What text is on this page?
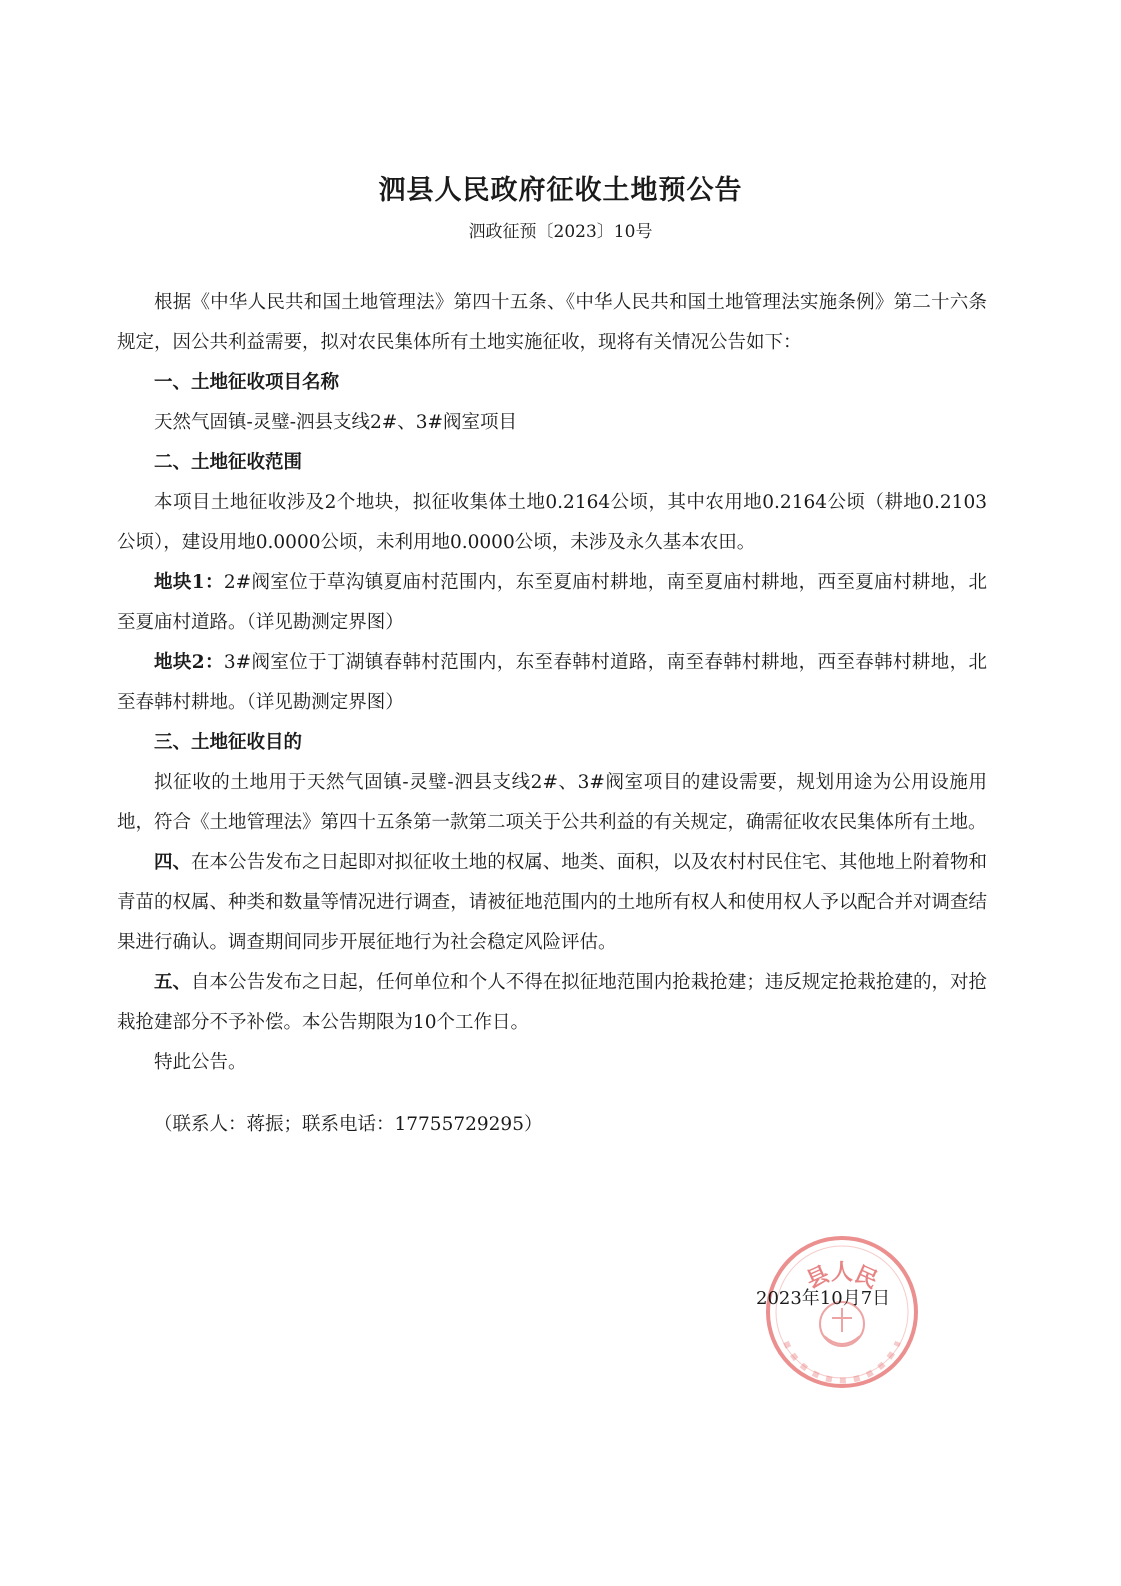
泗县人民政府征收土地预公告
泗政征预〔2023〕10号

根据《中华人民共和国土地管理法》第四十五条、《中华人民共和国土地管理法实施条例》第二十六条规定，因公共利益需要，拟对农民集体所有土地实施征收，现将有关情况公告如下：

一、土地征收项目名称

天然气固镇-灵璧-泗县支线2#、3#阀室项目

二、土地征收范围

本项目土地征收涉及2个地块，拟征收集体土地0.2164公顷，其中农用地0.2164公顷（耕地0.2103公顷），建设用地0.0000公顷，未利用地0.0000公顷，未涉及永久基本农田。

地块1：2#阀室位于草沟镇夏庙村范围内，东至夏庙村耕地，南至夏庙村耕地，西至夏庙村耕地，北至夏庙村道路。（详见勘测定界图）

地块2：3#阀室位于丁湖镇春韩村范围内，东至春韩村道路，南至春韩村耕地，西至春韩村耕地，北至春韩村耕地。（详见勘测定界图）

三、土地征收目的

拟征收的土地用于天然气固镇-灵璧-泗县支线2#、3#阀室项目的建设需要，规划用途为公用设施用地，符合《土地管理法》第四十五条第一款第二项关于公共利益的有关规定，确需征收农民集体所有土地。

四、在本公告发布之日起即对拟征收土地的权属、地类、面积，以及农村村民住宅、其他地上附着物和青苗的权属、种类和数量等情况进行调查，请被征地范围内的土地所有权人和使用权人予以配合并对调查结果进行确认。调查期间同步开展征地行为社会稳定风险评估。

五、自本公告发布之日起，任何单位和个人不得在拟征地范围内抢栽抢建；违反规定抢栽抢建的，对抢栽抢建部分不予补偿。本公告期限为10个工作日。

特此公告。

（联系人：蒋振；联系电话：17755729295）

县人民
2023年10月7日
